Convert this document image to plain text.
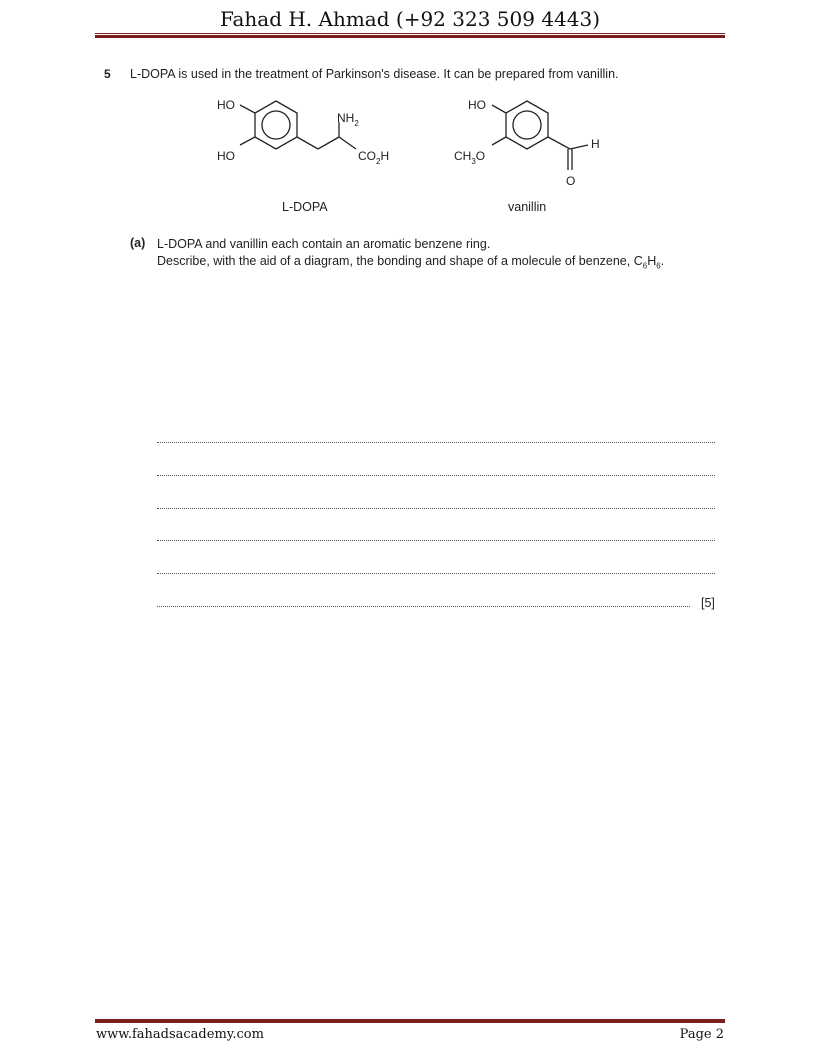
Fahad H. Ahmad (+92 323 509 4443)
5 L-DOPA is used in the treatment of Parkinson's disease. It can be prepared from vanillin.
HO
HO
$NH_2$
$CO_2H$
HO
$CH_3O$
H
O
L-DOPA	vanillin
(a) L-DOPA and vanillin each contain an aromatic benzene ring.
Describe, with the aid of a diagram, the bonding and shape of a molecule of benzene, $C_6H_6$.
[5]
www.fahadsacademy.com	Page 2
